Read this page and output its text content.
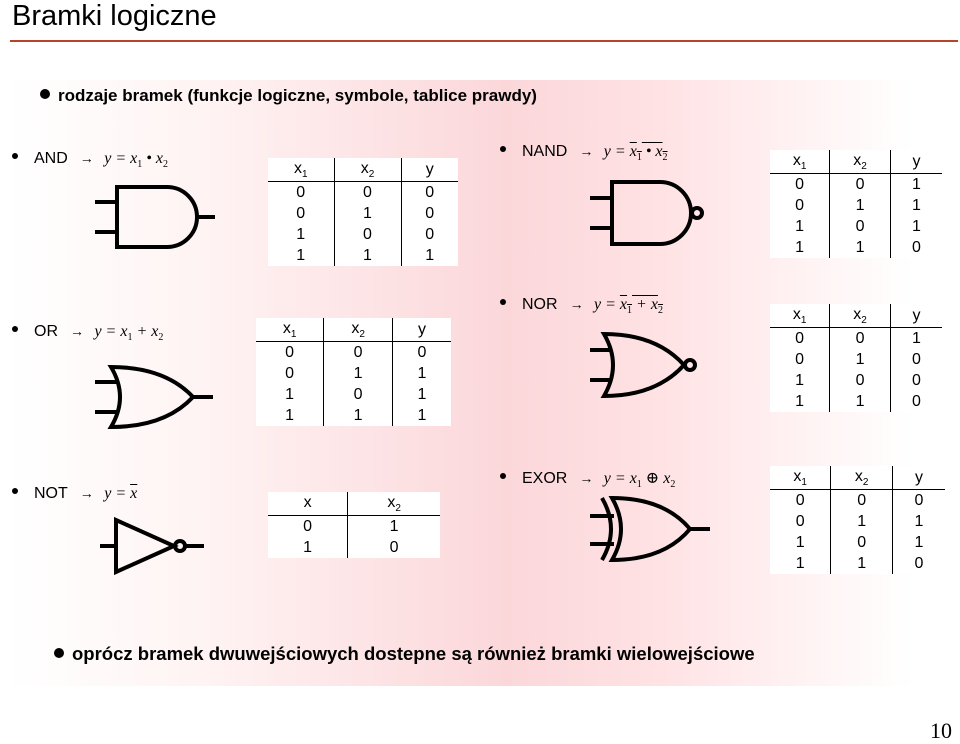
Bramki logiczne
rodzaje bramek (funkcje logiczne, symbole, tablice prawdy)
AND → $y = x_1$ • $x_2$	$x_1$	$x_2$	y
0	0	0
0	1	0
1	0	0
1	1	1
NAND → $y = x_1$ • $x_2$	$x_1$	$x_2$	y
0	0	1
0	1	1
1	0	1
1	1	0
OR → $y = x_1 + x_2$
$x_1$	$x_2$	y
0	0	0
0	1	1
1	0	1
1	1	1
NOR → $y = x_1 + x_2$	$x_1$	$x_2$	y
0	0	1
0	1	0
1	0	0
1	1	0
NOT → $y = \overline{x}$
x	$x_2$
0	1
1	0
EXOR → $y = x_1$ ⊕ $x_2$	$x_1$	$x_2$	y
0	0	0
0	1	1
1	0	1
1	1	0
oprócz bramek dwuwejściowych dostepne są również bramki wielowejściowe
10
